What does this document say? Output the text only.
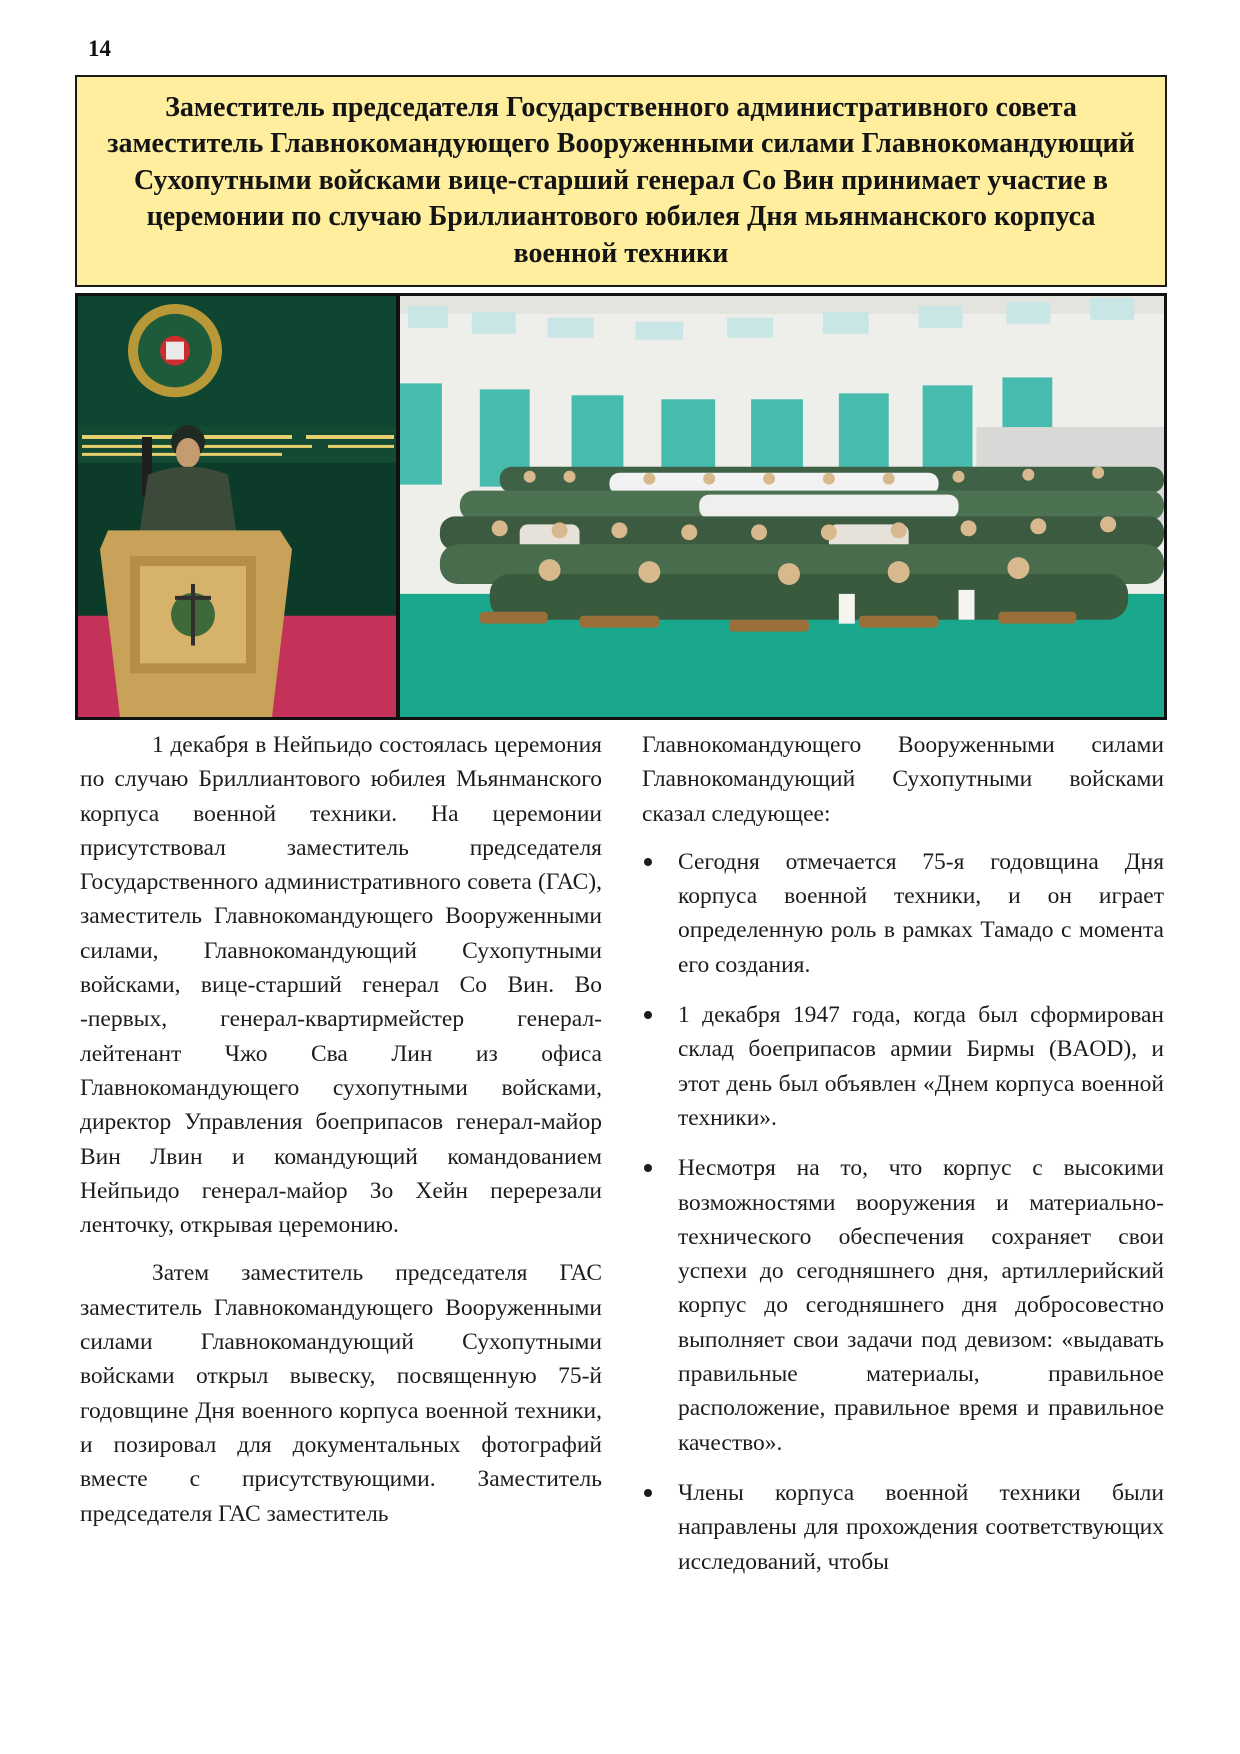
14
Заместитель председателя Государственного административного совета заместитель Главнокомандующего Вооруженными силами Главнокомандующий Сухопутными войсками вице-старший генерал Со Вин принимает участие в церемонии по случаю Бриллиантового юбилея Дня мьянманского корпуса военной техники

1 декабря в Нейпьидо состоялась церемония по случаю Бриллиантового юбилея Мьянманского корпуса военной техники. На церемонии присутствовал заместитель председателя Государственного административного совета (ГАС), заместитель Главнокомандующего Вооруженными силами, Главнокомандующий Сухопутными войсками, вице-старший генерал Со Вин. Во -первых, генерал-квартирмейстер генерал-лейтенант Чжо Сва Лин из офиса Главнокомандующего сухопутными войсками, директор Управления боеприпасов генерал-майор Вин Лвин и командующий командованием Нейпьидо генерал-майор Зо Хейн перерезали ленточку, открывая церемонию.

Затем заместитель председателя ГАС заместитель Главнокомандующего Вооруженными силами Главнокомандующий Сухопутными войсками открыл вывеску, посвященную 75-й годовщине Дня военного корпуса военной техники, и позировал для документальных фотографий вместе с присутствующими. Заместитель председателя ГАС заместитель

Главнокомандующего Вооруженными силами Главнокомандующий Сухопутными войсками сказал следующее:

Сегодня отмечается 75-я годовщина Дня корпуса военной техники, и он играет определенную роль в рамках Тамадо с момента его создания.
1 декабря 1947 года, когда был сформирован склад боеприпасов армии Бирмы (BAOD), и этот день был объявлен «Днем корпуса военной техники».
Несмотря на то, что корпус с высокими возможностями вооружения и материально-технического обеспечения сохраняет свои успехи до сегодняшнего дня, артиллерийский корпус до сегодняшнего дня добросовестно выполняет свои задачи под девизом: «выдавать правильные материалы, правильное расположение, правильное время и правильное качество».
Члены корпуса военной техники были направлены для прохождения соответствующих исследований, чтобы
